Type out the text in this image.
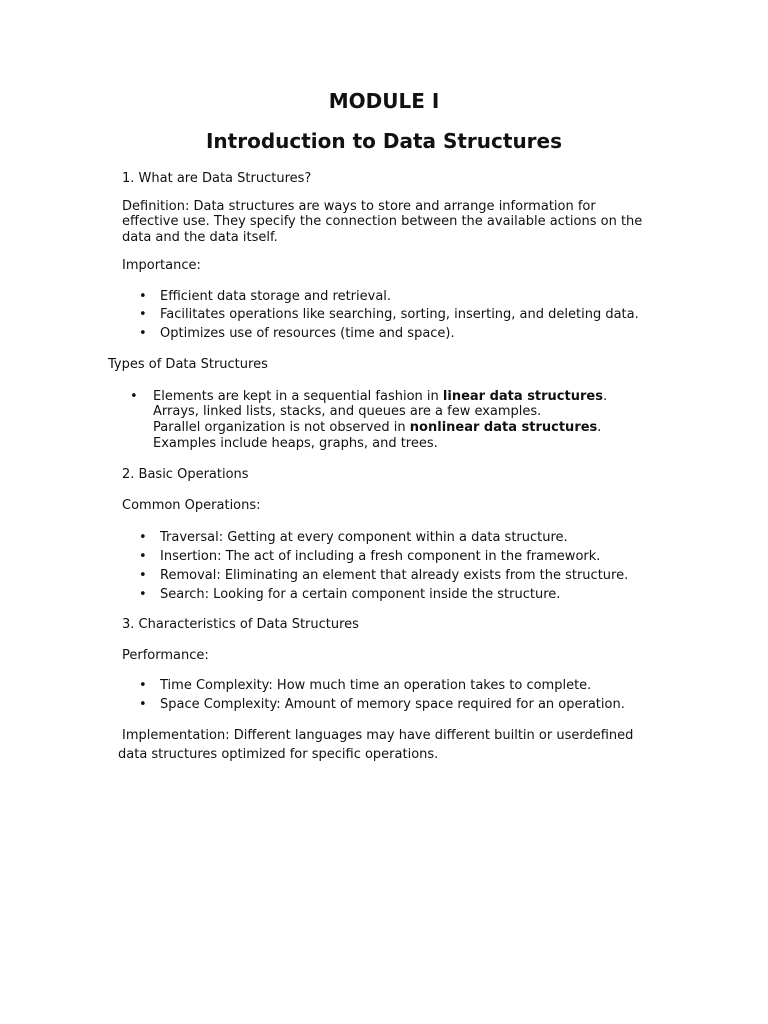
MODULE I
Introduction to Data Structures
1. What are Data Structures?
Definition: Data structures are ways to store and arrange information for
effective use. They specify the connection between the available actions on the
data and the data itself.
Importance:
• Efficient data storage and retrieval.
• Facilitates operations like searching, sorting, inserting, and deleting data.
• Optimizes use of resources (time and space).
Types of Data Structures
• Elements are kept in a sequential fashion in linear data structures.
Arrays, linked lists, stacks, and queues are a few examples.
Parallel organization is not observed in nonlinear data structures.
Examples include heaps, graphs, and trees.
2. Basic Operations
Common Operations:
• Traversal: Getting at every component within a data structure.
• Insertion: The act of including a fresh component in the framework.
• Removal: Eliminating an element that already exists from the structure.
• Search: Looking for a certain component inside the structure.
3. Characteristics of Data Structures
Performance:
• Time Complexity: How much time an operation takes to complete.
• Space Complexity: Amount of memory space required for an operation.
Implementation: Different languages may have different builtin or userdefined
data structures optimized for specific operations.
